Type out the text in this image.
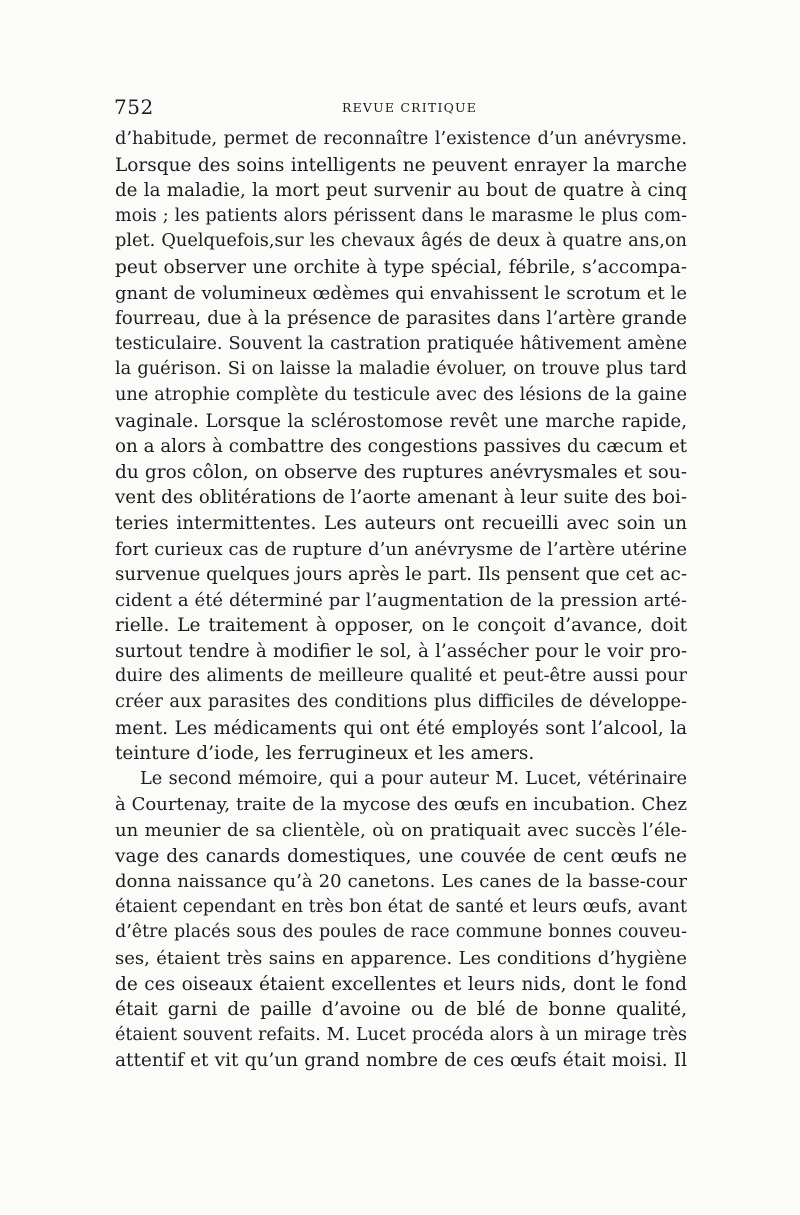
752	REVUE CRITIQUE
d’habitude, permet de reconnaître l’existence d’un anévrysme.
Lorsque des soins intelligents ne peuvent enrayer la marche
de la maladie, la mort peut survenir au bout de quatre à cinq
mois ; les patients alors périssent dans le marasme le plus com-
plet. Quelquefois,sur les chevaux âgés de deux à quatre ans,on
peut observer une orchite à type spécial, fébrile, s’accompa-
gnant de volumineux œdèmes qui envahissent le scrotum et le
fourreau, due à la présence de parasites dans l’artère grande
testiculaire. Souvent la castration pratiquée hâtivement amène
la guérison. Si on laisse la maladie évoluer, on trouve plus tard
une atrophie complète du testicule avec des lésions de la gaine
vaginale. Lorsque la sclérostomose revêt une marche rapide,
on a alors à combattre des congestions passives du cæcum et
du gros côlon, on observe des ruptures anévrysmales et sou-
vent des oblitérations de l’aorte amenant à leur suite des boi-
teries intermittentes. Les auteurs ont recueilli avec soin un
fort curieux cas de rupture d’un anévrysme de l’artère utérine
survenue quelques jours après le part. Ils pensent que cet ac-
cident a été déterminé par l’augmentation de la pression arté-
rielle. Le traitement à opposer, on le conçoit d’avance, doit
surtout tendre à modifier le sol, à l’assécher pour le voir pro-
duire des aliments de meilleure qualité et peut-être aussi pour
créer aux parasites des conditions plus difficiles de développe-
ment. Les médicaments qui ont été employés sont l’alcool, la
teinture d’iode, les ferrugineux et les amers.
Le second mémoire, qui a pour auteur M. Lucet, vétérinaire
à Courtenay, traite de la mycose des œufs en incubation. Chez
un meunier de sa clientèle, où on pratiquait avec succès l’éle-
vage des canards domestiques, une couvée de cent œufs ne
donna naissance qu’à 20 canetons. Les canes de la basse-cour
étaient cependant en très bon état de santé et leurs œufs, avant
d’être placés sous des poules de race commune bonnes couveu-
ses, étaient très sains en apparence. Les conditions d’hygiène
de ces oiseaux étaient excellentes et leurs nids, dont le fond
était garni de paille d’avoine ou de blé de bonne qualité,
étaient souvent refaits. M. Lucet procéda alors à un mirage très
attentif et vit qu’un grand nombre de ces œufs était moisi. Il
